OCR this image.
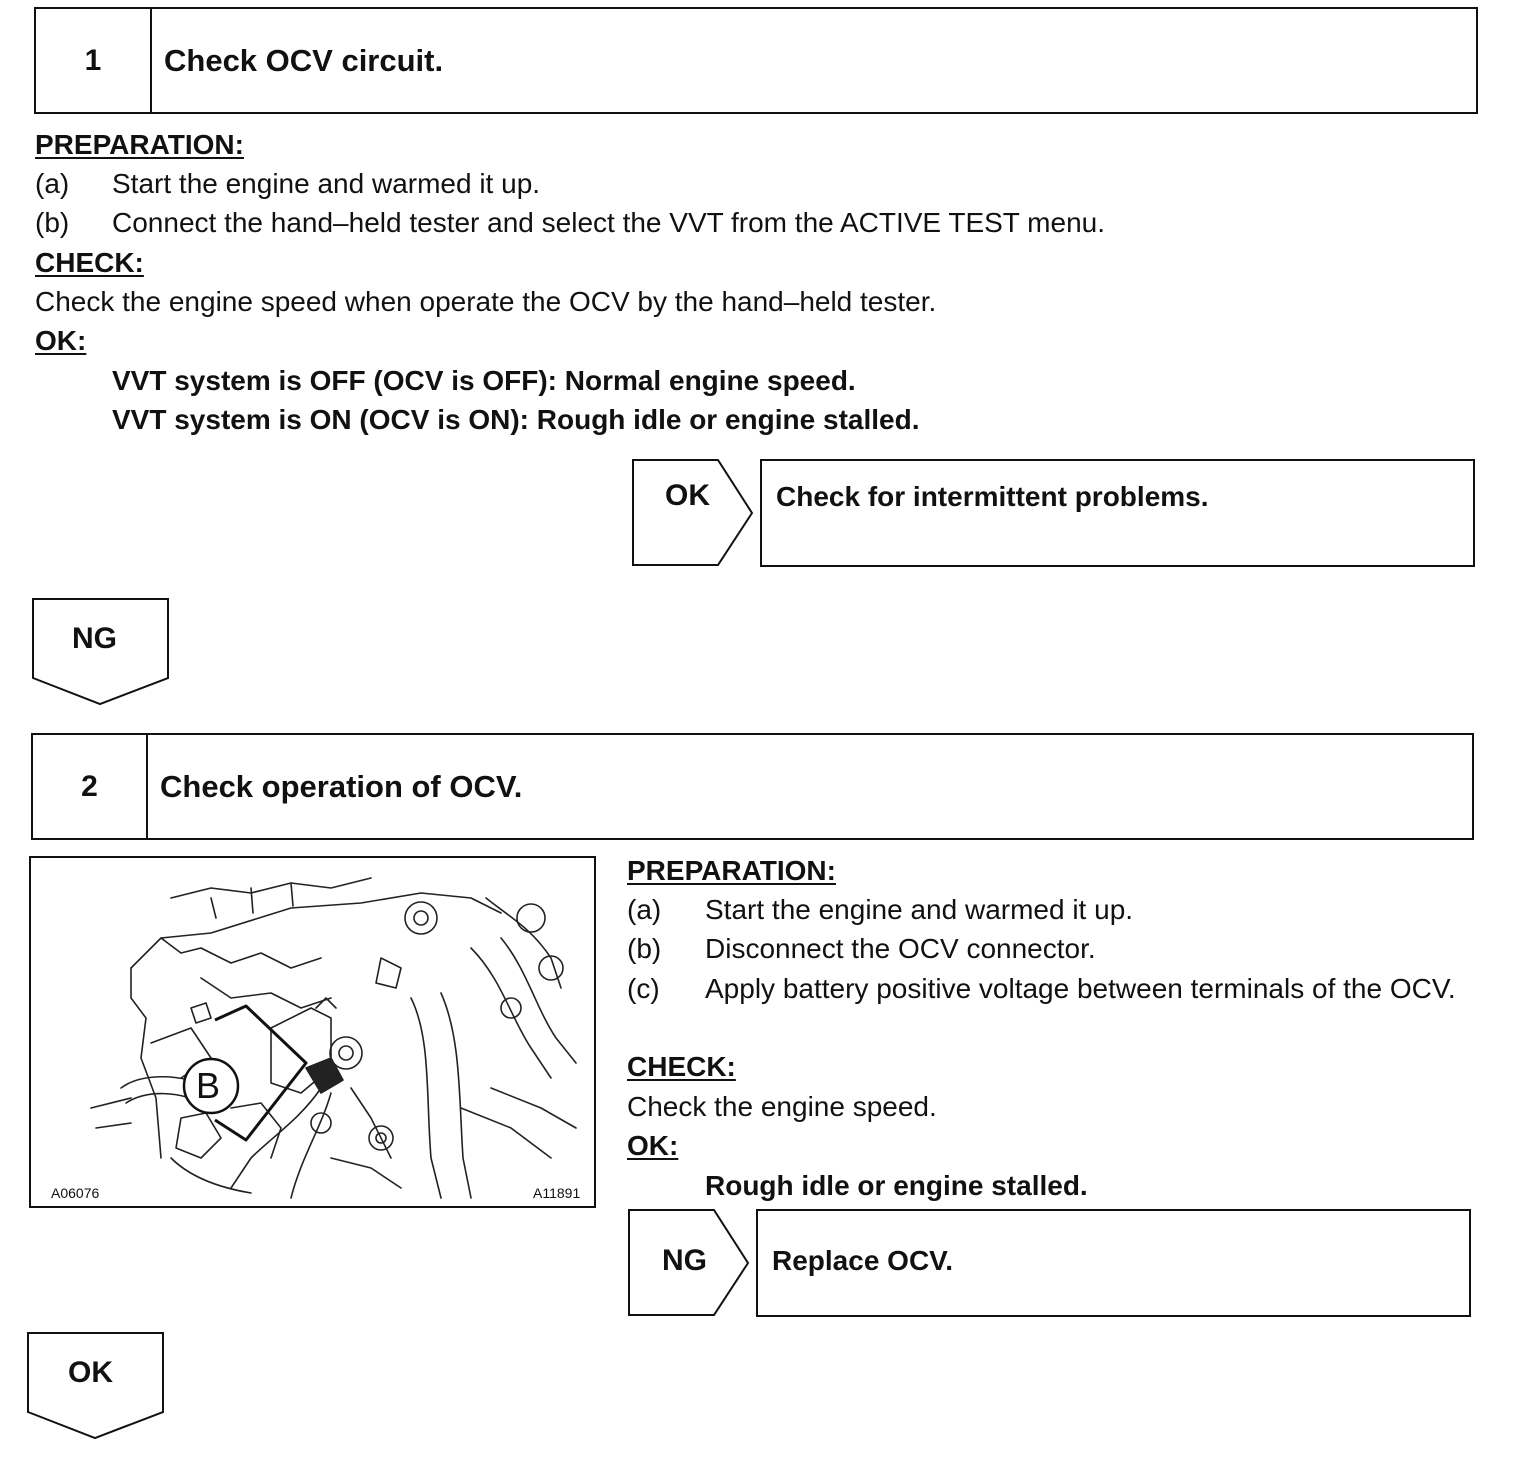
1	Check OCV circuit.
PREPARATION:
(a) Start the engine and warmed it up.
(b) Connect the hand–held tester and select the VVT from the ACTIVE TEST menu.
CHECK:
Check the engine speed when operate the OCV by the hand–held tester.
OK:
VVT system is OFF (OCV is OFF): Normal engine speed.
VVT system is ON (OCV is ON): Rough idle or engine stalled.
OK Check for intermittent problems.
NG
2	Check operation of OCV.
B
A06076	A11891
PREPARATION:
(a) Start the engine and warmed it up.
(b) Disconnect the OCV connector.
(c) Apply battery positive voltage between terminals of the OCV.
CHECK:
Check the engine speed.
OK:
Rough idle or engine stalled.
NG Replace OCV.
OK
